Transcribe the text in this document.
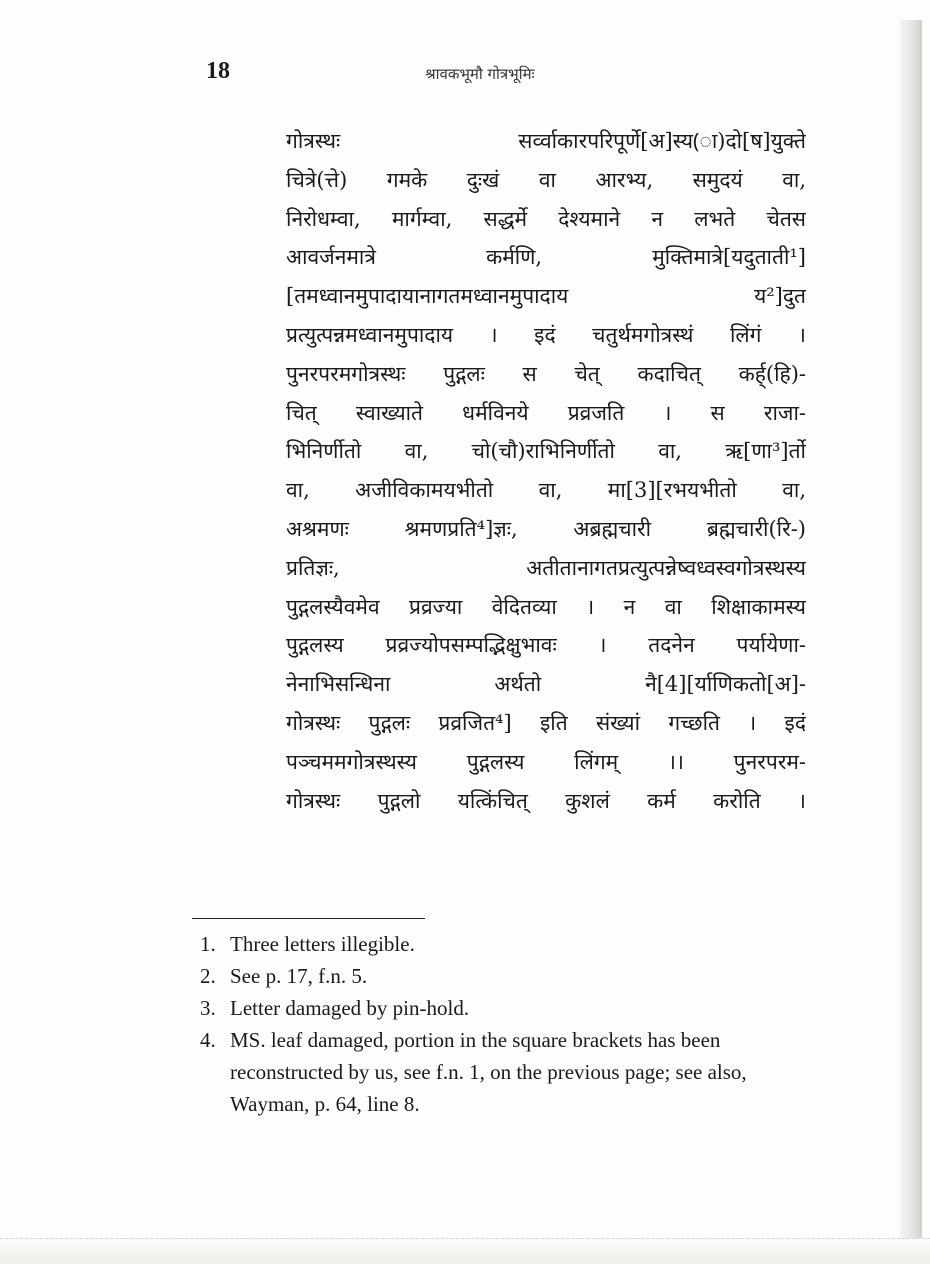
18	श्रावकभूमौ गोत्रभूमिः
गोत्रस्थः सर्व्वाकारपरिपूर्णे[अ]स्य(ा)दो[ष]युक्ते
चित्रे(त्ते) गमके दुःखं वा आरभ्य, समुदयं वा,
निरोधम्वा, मार्गम्वा, सद्धर्मे देश्यमाने न लभते चेतस
आवर्जनमात्रे कर्मणि, मुक्तिमात्रे[यदुताती¹]
[तमध्वानमुपादायानागतमध्वानमुपादाय य²]दुत
प्रत्युत्पन्नमध्वानमुपादाय । इदं चतुर्थमगोत्रस्थं लिंगं ।
पुनरपरमगोत्रस्थः पुद्गलः स चेत् कदाचित् कर्ह्(हि)-
चित् स्वाख्याते धर्मविनये प्रव्रजति । स राजा-
भिनिर्णीतो वा, चो(चौ)राभिनिर्णीतो वा, ऋ[णा³]र्तो
वा, अजीविकामयभीतो वा, मा[3][रभयभीतो वा,
अश्रमणः श्रमणप्रति⁴]ज्ञः, अब्रह्मचारी ब्रह्मचारी(रि-)
प्रतिज्ञः, अतीतानागतप्रत्युत्पन्नेष्वध्वस्वगोत्रस्थस्य
पुद्गलस्यैवमेव प्रव्रज्या वेदितव्या । न वा शिक्षाकामस्य
पुद्गलस्य प्रव्रज्योपसम्पद्भिक्षुभावः । तदनेन पर्यायेणा-
नेनाभिसन्धिना अर्थतो नै[4][र्याणिकतो[अ]-
गोत्रस्थः पुद्गलः प्रव्रजित⁴] इति संख्यां गच्छति । इदं
पञ्चममगोत्रस्थस्य पुद्गलस्य लिंगम् ।। पुनरपरम-
गोत्रस्थः पुद्गलो यत्किंचित् कुशलं कर्म करोति ।
1. Three letters illegible.
2. See p. 17, f.n. 5.
3. Letter damaged by pin-hold.
4. MS. leaf damaged, portion in the square brackets has been reconstructed by us, see f.n. 1, on the previous page; see also, Wayman, p. 64, line 8.
